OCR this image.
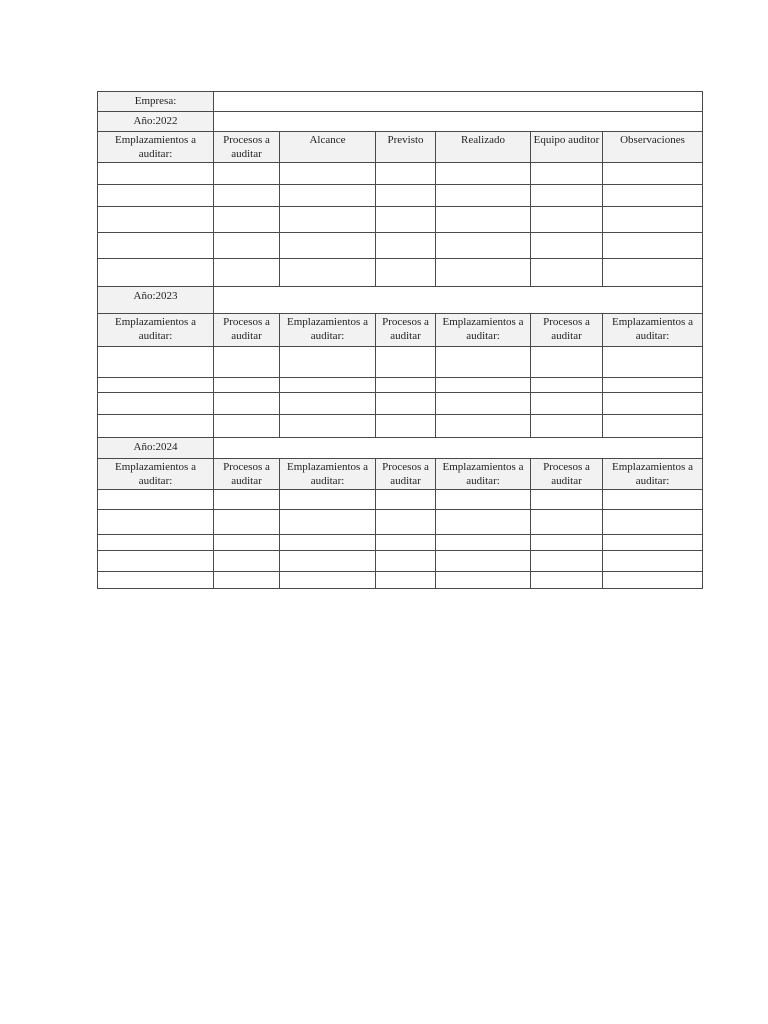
Empresa:						
Año:2022						
Emplazamientos a auditar:	Procesos a auditar	Alcance	Previsto	Realizado	Equipo auditor	Observaciones

Año:2023						
Emplazamientos a auditar:	Procesos a auditar	Emplazamientos a auditar:	Procesos a auditar	Emplazamientos a auditar:	Procesos a auditar	Emplazamientos a auditar:

Año:2024						
Emplazamientos a auditar:	Procesos a auditar	Emplazamientos a auditar:	Procesos a auditar	Emplazamientos a auditar:	Procesos a auditar	Emplazamientos a auditar:
